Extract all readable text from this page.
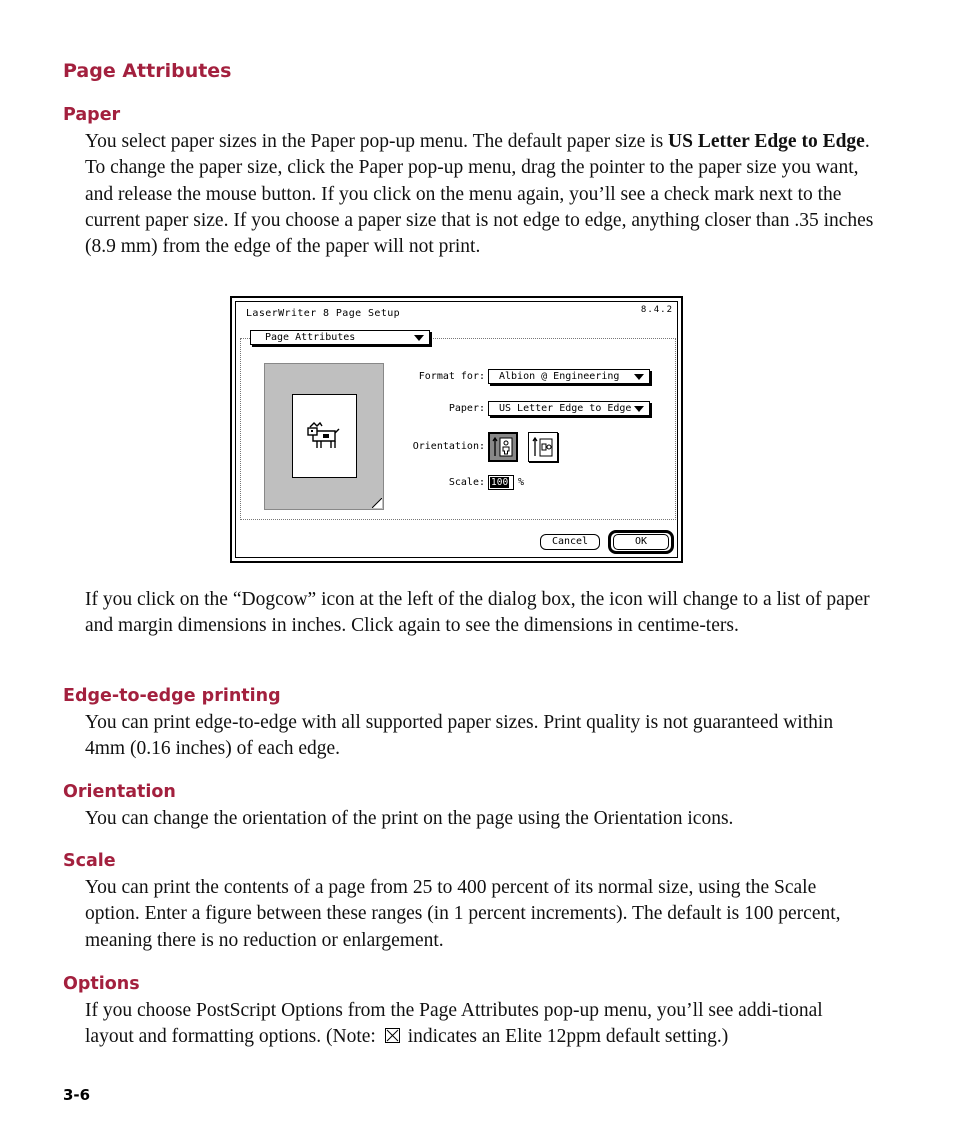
Page Attributes
Paper

You select paper sizes in the Paper pop-up menu. The default paper size is US Letter Edge to Edge. To change the paper size, click the Paper pop-up menu, drag the pointer to the paper size you want, and release the mouse button. If you click on the menu again, you’ll see a check mark next to the current paper size. If you choose a paper size that is not edge to edge, anything closer than .35 inches (8.9 mm) from the edge of the paper will not print.

LaserWriter 8 Page Setup	8.4.2
Page Attributes
Format for:	Albion @ Engineering
Paper:	US Letter Edge to Edge
Orientation:
Scale: 100 %
Cancel	OK

If you click on the “Dogcow” icon at the left of the dialog box, the icon will change to a list of paper and margin dimensions in inches. Click again to see the dimensions in centime-ters.

Edge-to-edge printing

You can print edge-to-edge with all supported paper sizes. Print quality is not guaranteed within 4mm (0.16 inches) of each edge.

Orientation

You can change the orientation of the print on the page using the Orientation icons.

Scale

You can print the contents of a page from 25 to 400 percent of its normal size, using the Scale option. Enter a figure between these ranges (in 1 percent increments). The default is 100 percent, meaning there is no reduction or enlargement.

Options

If you choose PostScript Options from the Page Attributes pop-up menu, you’ll see addi-tional layout and formatting options. (Note:
indicates an Elite 12ppm default setting.)

3-6
